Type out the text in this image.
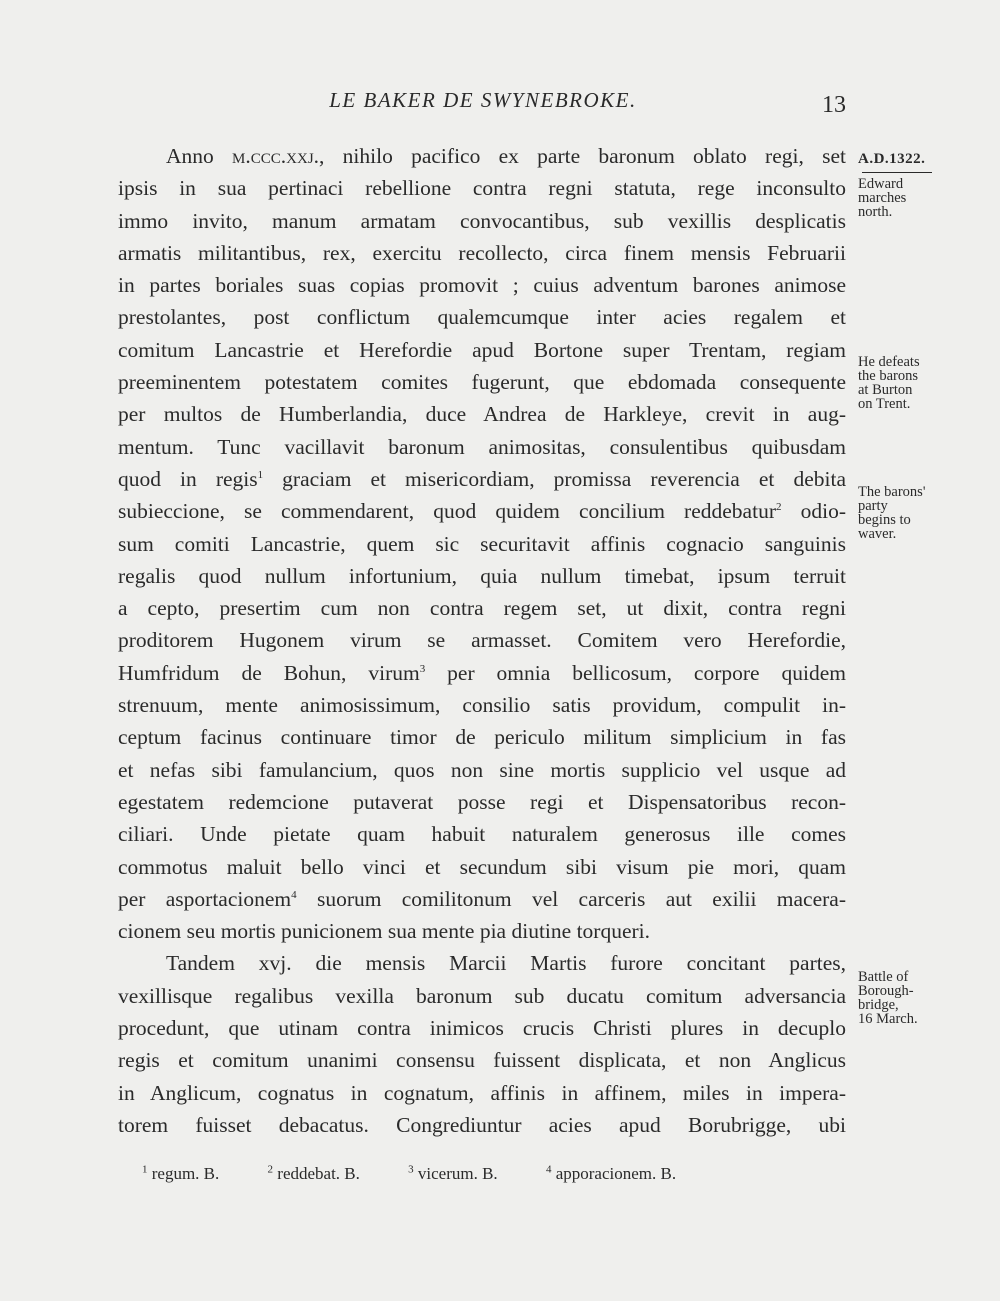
LE BAKER DE SWYNEBROKE.	13
Anno m.ccc.xxj., nihilo pacifico ex parte baronum oblato regi, set
ipsis in sua pertinaci rebellione contra regni statuta, rege inconsulto
immo invito, manum armatam convocantibus, sub vexillis desplicatis
armatis militantibus, rex, exercitu recollecto, circa finem mensis Februarii
in partes boriales suas copias promovit ; cuius adventum barones animose
prestolantes, post conflictum qualemcumque inter acies regalem et
comitum Lancastrie et Herefordie apud Bortone super Trentam, regiam
preeminentem potestatem comites fugerunt, que ebdomada consequente
per multos de Humberlandia, duce Andrea de Harkleye, crevit in aug-
mentum. Tunc vacillavit baronum animositas, consulentibus quibusdam
quod in regis$^1$ graciam et misericordiam, promissa reverencia et debita
subieccione, se commendarent, quod quidem concilium reddebatur$^2$ odio-
sum comiti Lancastrie, quem sic securitavit affinis cognacio sanguinis
regalis quod nullum infortunium, quia nullum timebat, ipsum terruit
a cepto, presertim cum non contra regem set, ut dixit, contra regni
proditorem Hugonem virum se armasset. Comitem vero Herefordie,
Humfridum de Bohun, virum$^3$ per omnia bellicosum, corpore quidem
strenuum, mente animosissimum, consilio satis providum, compulit in-
ceptum facinus continuare timor de periculo militum simplicium in fas
et nefas sibi famulancium, quos non sine mortis supplicio vel usque ad
egestatem redemcione putaverat posse regi et Dispensatoribus recon-
ciliari. Unde pietate quam habuit naturalem generosus ille comes
commotus maluit bello vinci et secundum sibi visum pie mori, quam
per asportacionem$^4$ suorum comilitonum vel carceris aut exilii macera-
cionem seu mortis punicionem sua mente pia diutine torqueri.
Tandem xvj. die mensis Marcii Martis furore concitant partes,
vexillisque regalibus vexilla baronum sub ducatu comitum adversancia
procedunt, que utinam contra inimicos crucis Christi plures in decuplo
regis et comitum unanimi consensu fuissent displicata, et non Anglicus
in Anglicum, cognatus in cognatum, affinis in affinem, miles in impera-
torem fuisset debacatus. Congrediuntur acies apud Borubrigge, ubi
A.D.1322.
Edward
marches
north.
He defeats
the barons
at Burton
on Trent.
The barons'
party
begins to
waver.
Battle of
Borough-
bridge,
16 March.
$^1$ regum. B.	$^2$ reddebat. B.	$^3$ vicerum. B.	$^4$ apporacionem. B.
